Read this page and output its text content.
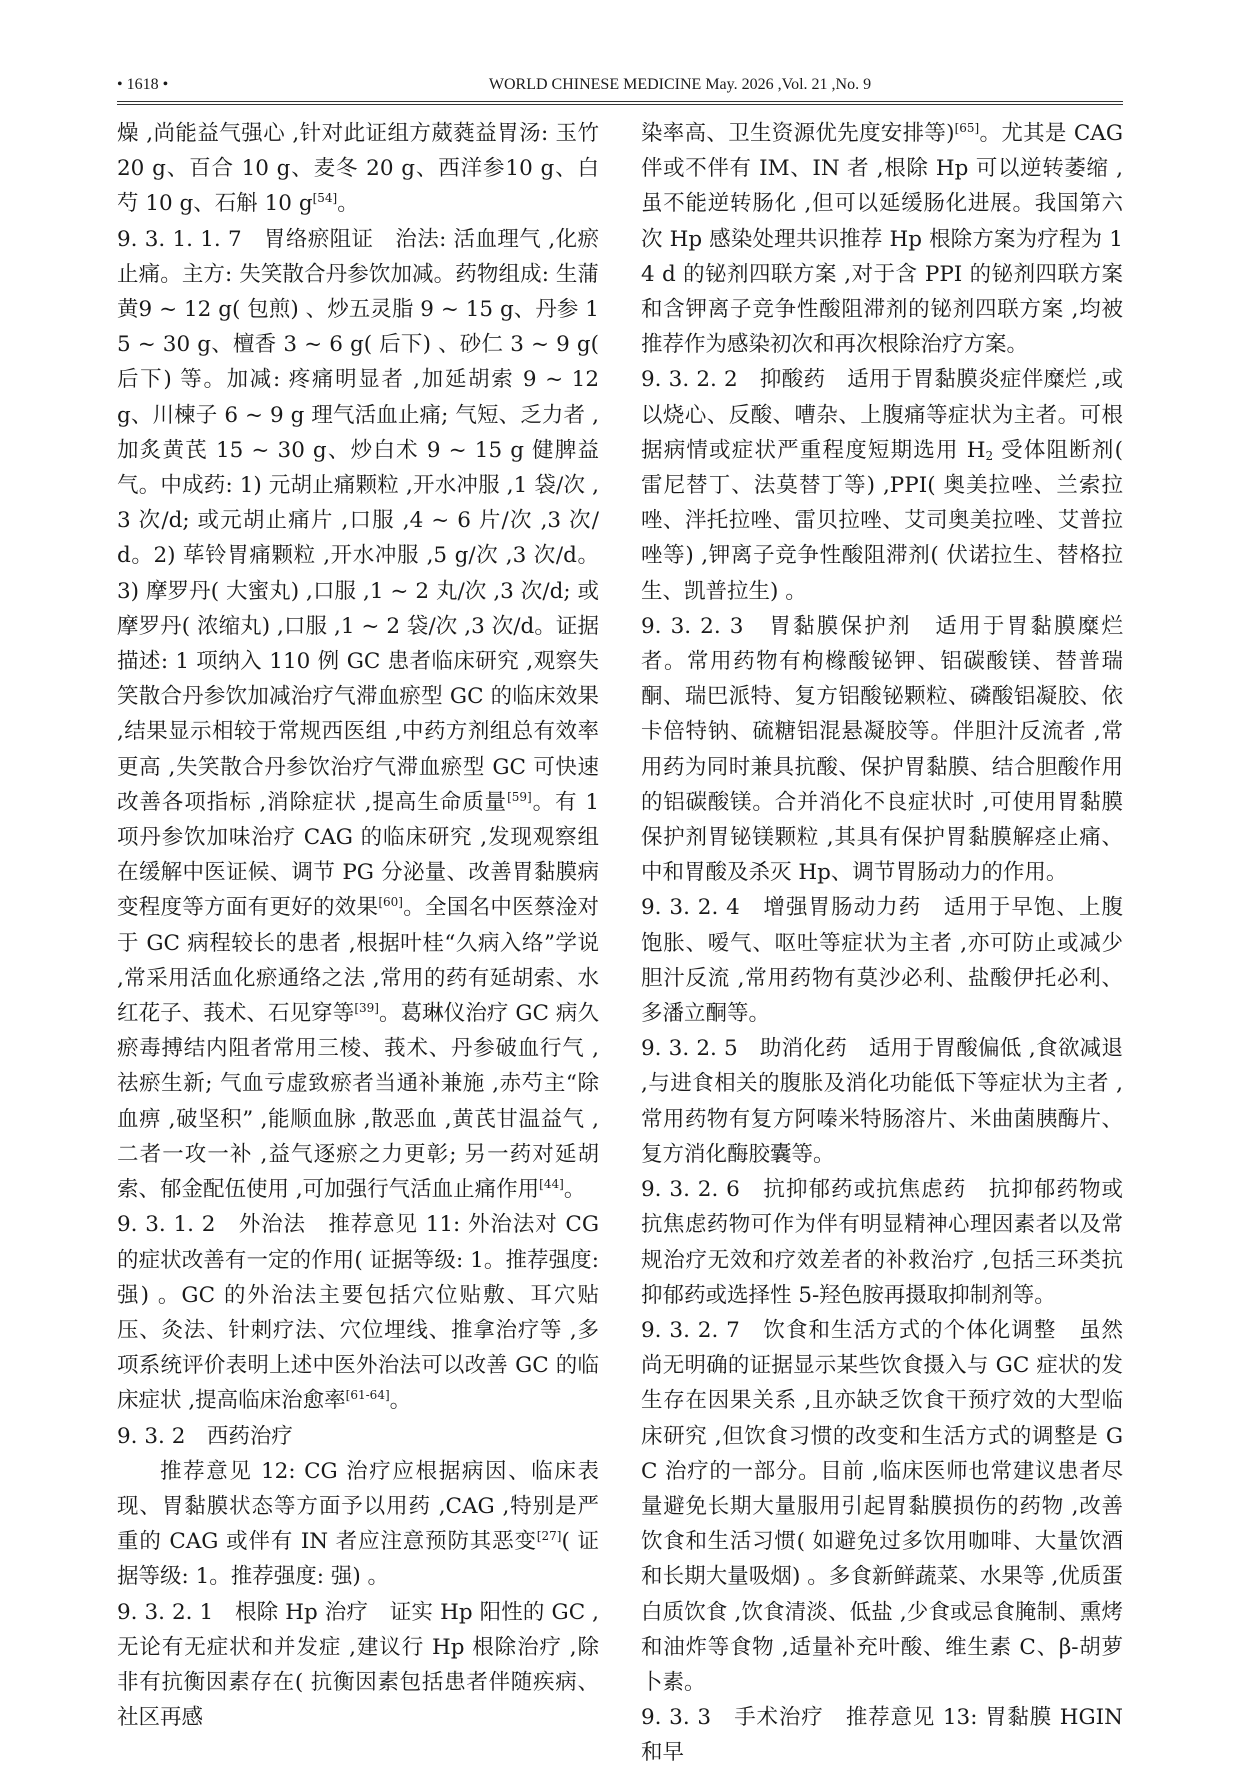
• 1618 •	WORLD CHINESE MEDICINE May. 2026 ,Vol. 21 ,No. 9

燥 ,尚能益气强心 ,针对此证组方葳蕤益胃汤: 玉竹20 g、百合 10 g、麦冬 20 g、西洋参10 g、白芍 10 g、石斛 10 g[54]。

9. 3. 1. 1. 7　胃络瘀阻证　治法: 活血理气 ,化瘀止痛。主方: 失笑散合丹参饮加减。药物组成: 生蒲黄9 ~ 12 g( 包煎) 、炒五灵脂 9 ~ 15 g、丹参 15 ~ 30 g、檀香 3 ~ 6 g( 后下) 、砂仁 3 ~ 9 g( 后下) 等。加减: 疼痛明显者 ,加延胡索 9 ~ 12 g、川楝子 6 ~ 9 g 理气活血止痛; 气短、乏力者 ,加炙黄芪 15 ~ 30 g、炒白术 9 ~ 15 g 健脾益气。中成药: 1) 元胡止痛颗粒 ,开水冲服 ,1 袋/次 ,3 次/d; 或元胡止痛片 ,口服 ,4 ~ 6 片/次 ,3 次/d。2) 荜铃胃痛颗粒 ,开水冲服 ,5 g/次 ,3 次/d。3) 摩罗丹( 大蜜丸) ,口服 ,1 ~ 2 丸/次 ,3 次/d; 或摩罗丹( 浓缩丸) ,口服 ,1 ~ 2 袋/次 ,3 次/d。证据描述: 1 项纳入 110 例 GC 患者临床研究 ,观察失笑散合丹参饮加减治疗气滞血瘀型 GC 的临床效果 ,结果显示相较于常规西医组 ,中药方剂组总有效率更高 ,失笑散合丹参饮治疗气滞血瘀型 GC 可快速改善各项指标 ,消除症状 ,提高生命质量[59]。有 1 项丹参饮加味治疗 CAG 的临床研究 ,发现观察组在缓解中医证候、调节 PG 分泌量、改善胃黏膜病变程度等方面有更好的效果[60]。全国名中医蔡淦对于 GC 病程较长的患者 ,根据叶桂“久病入络”学说 ,常采用活血化瘀通络之法 ,常用的药有延胡索、水红花子、莪术、石见穿等[39]。葛琳仪治疗 GC 病久瘀毒搏结内阻者常用三棱、莪术、丹参破血行气 ,祛瘀生新; 气血亏虚致瘀者当通补兼施 ,赤芍主“除血痹 ,破坚积” ,能顺血脉 ,散恶血 ,黄芪甘温益气 ,二者一攻一补 ,益气逐瘀之力更彰; 另一药对延胡索、郁金配伍使用 ,可加强行气活血止痛作用[44]。

9. 3. 1. 2　外治法　推荐意见 11: 外治法对 CG 的症状改善有一定的作用( 证据等级: 1。推荐强度: 强) 。GC 的外治法主要包括穴位贴敷、耳穴贴压、灸法、针刺疗法、穴位埋线、推拿治疗等 ,多项系统评价表明上述中医外治法可以改善 GC 的临床症状 ,提高临床治愈率[61-64]。

9. 3. 2　西药治疗

推荐意见 12: CG 治疗应根据病因、临床表现、胃黏膜状态等方面予以用药 ,CAG ,特别是严重的 CAG 或伴有 IN 者应注意预防其恶变[27]( 证据等级: 1。推荐强度: 强) 。

9. 3. 2. 1　根除 Hp 治疗　证实 Hp 阳性的 GC ,无论有无症状和并发症 ,建议行 Hp 根除治疗 ,除非有抗衡因素存在( 抗衡因素包括患者伴随疾病、社区再感

染率高、卫生资源优先度安排等)[65]。尤其是 CAG 伴或不伴有 IM、IN 者 ,根除 Hp 可以逆转萎缩 ,虽不能逆转肠化 ,但可以延缓肠化进展。我国第六次 Hp 感染处理共识推荐 Hp 根除方案为疗程为 14 d 的铋剂四联方案 ,对于含 PPI 的铋剂四联方案和含钾离子竞争性酸阻滞剂的铋剂四联方案 ,均被推荐作为感染初次和再次根除治疗方案。

9. 3. 2. 2　抑酸药　适用于胃黏膜炎症伴糜烂 ,或以烧心、反酸、嘈杂、上腹痛等症状为主者。可根据病情或症状严重程度短期选用 $H_2$ 受体阻断剂( 雷尼替丁、法莫替丁等) ,PPI( 奥美拉唑、兰索拉唑、泮托拉唑、雷贝拉唑、艾司奥美拉唑、艾普拉唑等) ,钾离子竞争性酸阻滞剂( 伏诺拉生、替格拉生、凯普拉生) 。

9. 3. 2. 3　胃黏膜保护剂　适用于胃黏膜糜烂者。常用药物有枸橼酸铋钾、铝碳酸镁、替普瑞酮、瑞巴派特、复方铝酸铋颗粒、磷酸铝凝胶、依卡倍特钠、硫糖铝混悬凝胶等。伴胆汁反流者 ,常用药为同时兼具抗酸、保护胃黏膜、结合胆酸作用的铝碳酸镁。合并消化不良症状时 ,可使用胃黏膜保护剂胃铋镁颗粒 ,其具有保护胃黏膜解痉止痛、中和胃酸及杀灭 Hp、调节胃肠动力的作用。

9. 3. 2. 4　增强胃肠动力药　适用于早饱、上腹饱胀、嗳气、呕吐等症状为主者 ,亦可防止或减少胆汁反流 ,常用药物有莫沙必利、盐酸伊托必利、多潘立酮等。

9. 3. 2. 5　助消化药　适用于胃酸偏低 ,食欲减退 ,与进食相关的腹胀及消化功能低下等症状为主者 ,常用药物有复方阿嗪米特肠溶片、米曲菌胰酶片、复方消化酶胶囊等。

9. 3. 2. 6　抗抑郁药或抗焦虑药　抗抑郁药物或抗焦虑药物可作为伴有明显精神心理因素者以及常规治疗无效和疗效差者的补救治疗 ,包括三环类抗抑郁药或选择性 5-羟色胺再摄取抑制剂等。

9. 3. 2. 7　饮食和生活方式的个体化调整　虽然尚无明确的证据显示某些饮食摄入与 GC 症状的发生存在因果关系 ,且亦缺乏饮食干预疗效的大型临床研究 ,但饮食习惯的改变和生活方式的调整是 GC 治疗的一部分。目前 ,临床医师也常建议患者尽量避免长期大量服用引起胃黏膜损伤的药物 ,改善饮食和生活习惯( 如避免过多饮用咖啡、大量饮酒和长期大量吸烟) 。多食新鲜蔬菜、水果等 ,优质蛋白质饮食 ,饮食清淡、低盐 ,少食或忌食腌制、熏烤和油炸等食物 ,适量补充叶酸、维生素 C、β-胡萝卜素。

9. 3. 3　手术治疗　推荐意见 13: 胃黏膜 HGIN 和早
